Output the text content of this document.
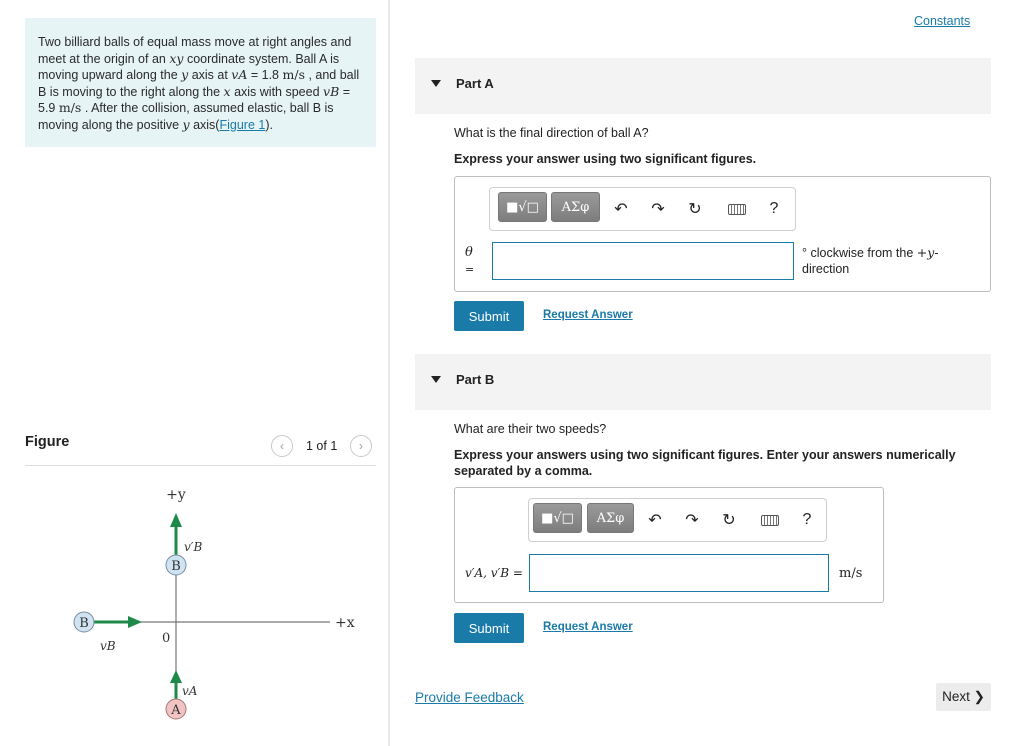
Two billiard balls of equal mass move at right angles and meet at the origin of an xy coordinate system. Ball A is moving upward along the y axis at vA = 1.8 m/s , and ball B is moving to the right along the x axis with speed vB = 5.9 m/s . After the collision, assumed elastic, ball B is moving along the positive y axis(Figure 1).
Figure	‹ 1 of 1 ›
B
B
A
+y
+x
0
v′B
vB
vA
Constants
Part A
What is the final direction of ball A?
Express your answer using two significant figures.
■√□ ΑΣφ ↶ ↷ ↻	?
θ
=
° clockwise from the +y-
direction
Submit	Request Answer
Part B
What are their two speeds?
Express your answers using two significant figures. Enter your answers numerically separated by a comma.
■√□ ΑΣφ ↶ ↷ ↻	?
v′A, v′B =	m/s
Submit	Request Answer
Provide Feedback	Next ❯
